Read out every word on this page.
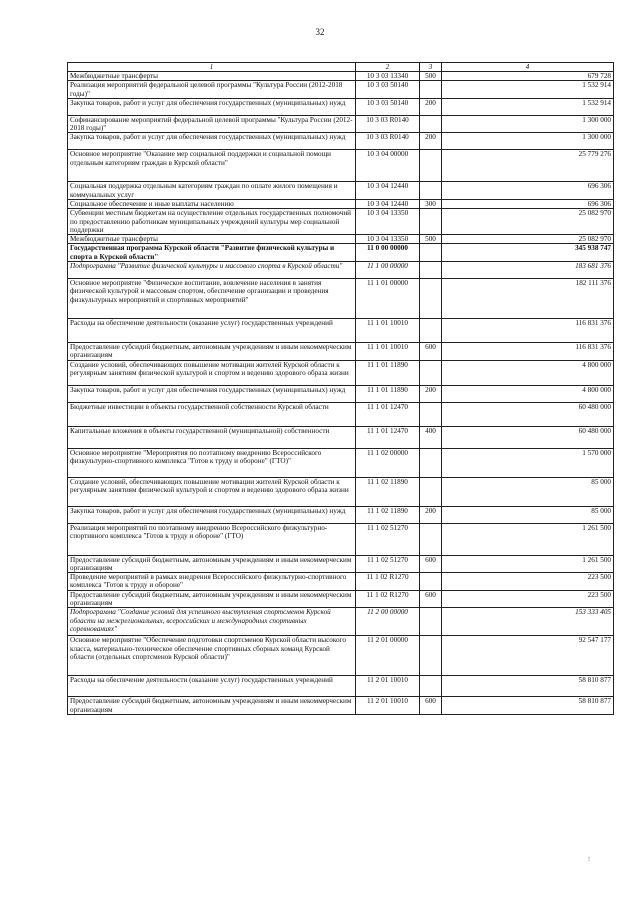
32
1	2	3	4
Межбюджетные трансферты	10 3 03 13340	500	679 728
Реализация мероприятий федеральной целевой программы "Культура России (2012-2018 годы)"	10 3 03 50140		1 532 914
Закупка товаров, работ и услуг для обеспечения государственных (муниципальных) нужд	10 3 03 50140	200	1 532 914
Софинансирование мероприятий федеральной целевой программы "Культура России (2012-2018 годы)"	10 3 03 R0140		1 300 000
Закупка товаров, работ и услуг для обеспечения государственных (муниципальных) нужд	10 3 03 R0140	200	1 300 000
Основное мероприятие "Оказание мер социальной поддержки и социальной помощи отдельным категориям граждан в Курской области"	10 3 04 00000		25 779 276
Социальная поддержка отдельным категориям граждан по оплате жилого помещения и коммунальных услуг	10 3 04 12440		696 306
Социальное обеспечение и иные выплаты населению	10 3 04 12440	300	696 306
Субвенции местным бюджетам на осуществление отдельных государственных полномочий по предоставлению работникам муниципальных учреждений культуры мер социальной поддержки	10 3 04 13350		25 082 970
Межбюджетные трансферты	10 3 04 13350	500	25 082 970
Государственная программа Курской области "Развитие физической культуры и спорта в Курской области"	11 0 00 00000		345 938 747
Подпрограмма "Развитие физической культуры и массового спорта в Курской области"	11 1 00 00000		183 681 376
Основное мероприятие "Физическое воспитание, вовлечение населения в занятия физической культурой и массовым спортом, обеспечение организации и проведения физкультурных мероприятий и спортивных мероприятий"	11 1 01 00000		182 111 376
Расходы на обеспечение деятельности (оказание услуг) государственных учреждений	11 1 01 10010		116 831 376
Предоставление субсидий бюджетным, автономным учреждениям и иным некоммерческим организациям	11 1 01 10010	600	116 831 376
Создание условий, обеспечивающих повышение мотивации жителей Курской области к регулярным занятиям физической культурой и спортом и ведению здорового образа жизни	11 1 01 11890		4 800 000
Закупка товаров, работ и услуг для обеспечения государственных (муниципальных) нужд	11 1 01 11890	200	4 800 000
Бюджетные инвестиции в объекты государственной собственности Курской области	11 1 01 12470		60 480 000
Капитальные вложения в объекты государственной (муниципальной) собственности	11 1 01 12470	400	60 480 000
Основное мероприятие "Мероприятия по поэтапному внедрению Всероссийского физкультурно-спортивного комплекса "Готов к труду и обороне" (ГТО)"	11 1 02 00000		1 570 000
Создание условий, обеспечивающих повышение мотивации жителей Курской области к регулярным занятиям физической культурой и спортом и ведению здорового образа жизни	11 1 02 11890		85 000
Закупка товаров, работ и услуг для обеспечения государственных (муниципальных) нужд	11 1 02 11890	200	85 000
Реализация мероприятий по поэтапному внедрению Всероссийского физкультурно-спортивного комплекса "Готов к труду и обороне" (ГТО)	11 1 02 51270		1 261 500
Предоставление субсидий бюджетным, автономным учреждениям и иным некоммерческим организациям	11 1 02 51270	600	1 261 500
Проведение мероприятий в рамках внедрения Всероссийского физкультурно-спортивного комплекса "Готов к труду и обороне"	11 1 02 R1270		223 500
Предоставление субсидий бюджетным, автономным учреждениям и иным некоммерческим организациям	11 1 02 R1270	600	223 500
Подпрограмма "Создание условий для успешного выступления спортсменов Курской области на межрегиональных, всероссийских и международных спортивных соревнованиях"	11 2 00 00000		153 333 405
Основное мероприятие "Обеспечение подготовки спортсменов Курской области высокого класса, материально-техническое обеспечение спортивных сборных команд Курской области (отдельных спортсменов Курской области)"	11 2 01 00000		92 547 177
Расходы на обеспечение деятельности (оказание услуг) государственных учреждений	11 2 01 10010		58 810 877
Предоставление субсидий бюджетным, автономным учреждениям и иным некоммерческим организациям	11 2 01 10010	600	58 810 877
!
